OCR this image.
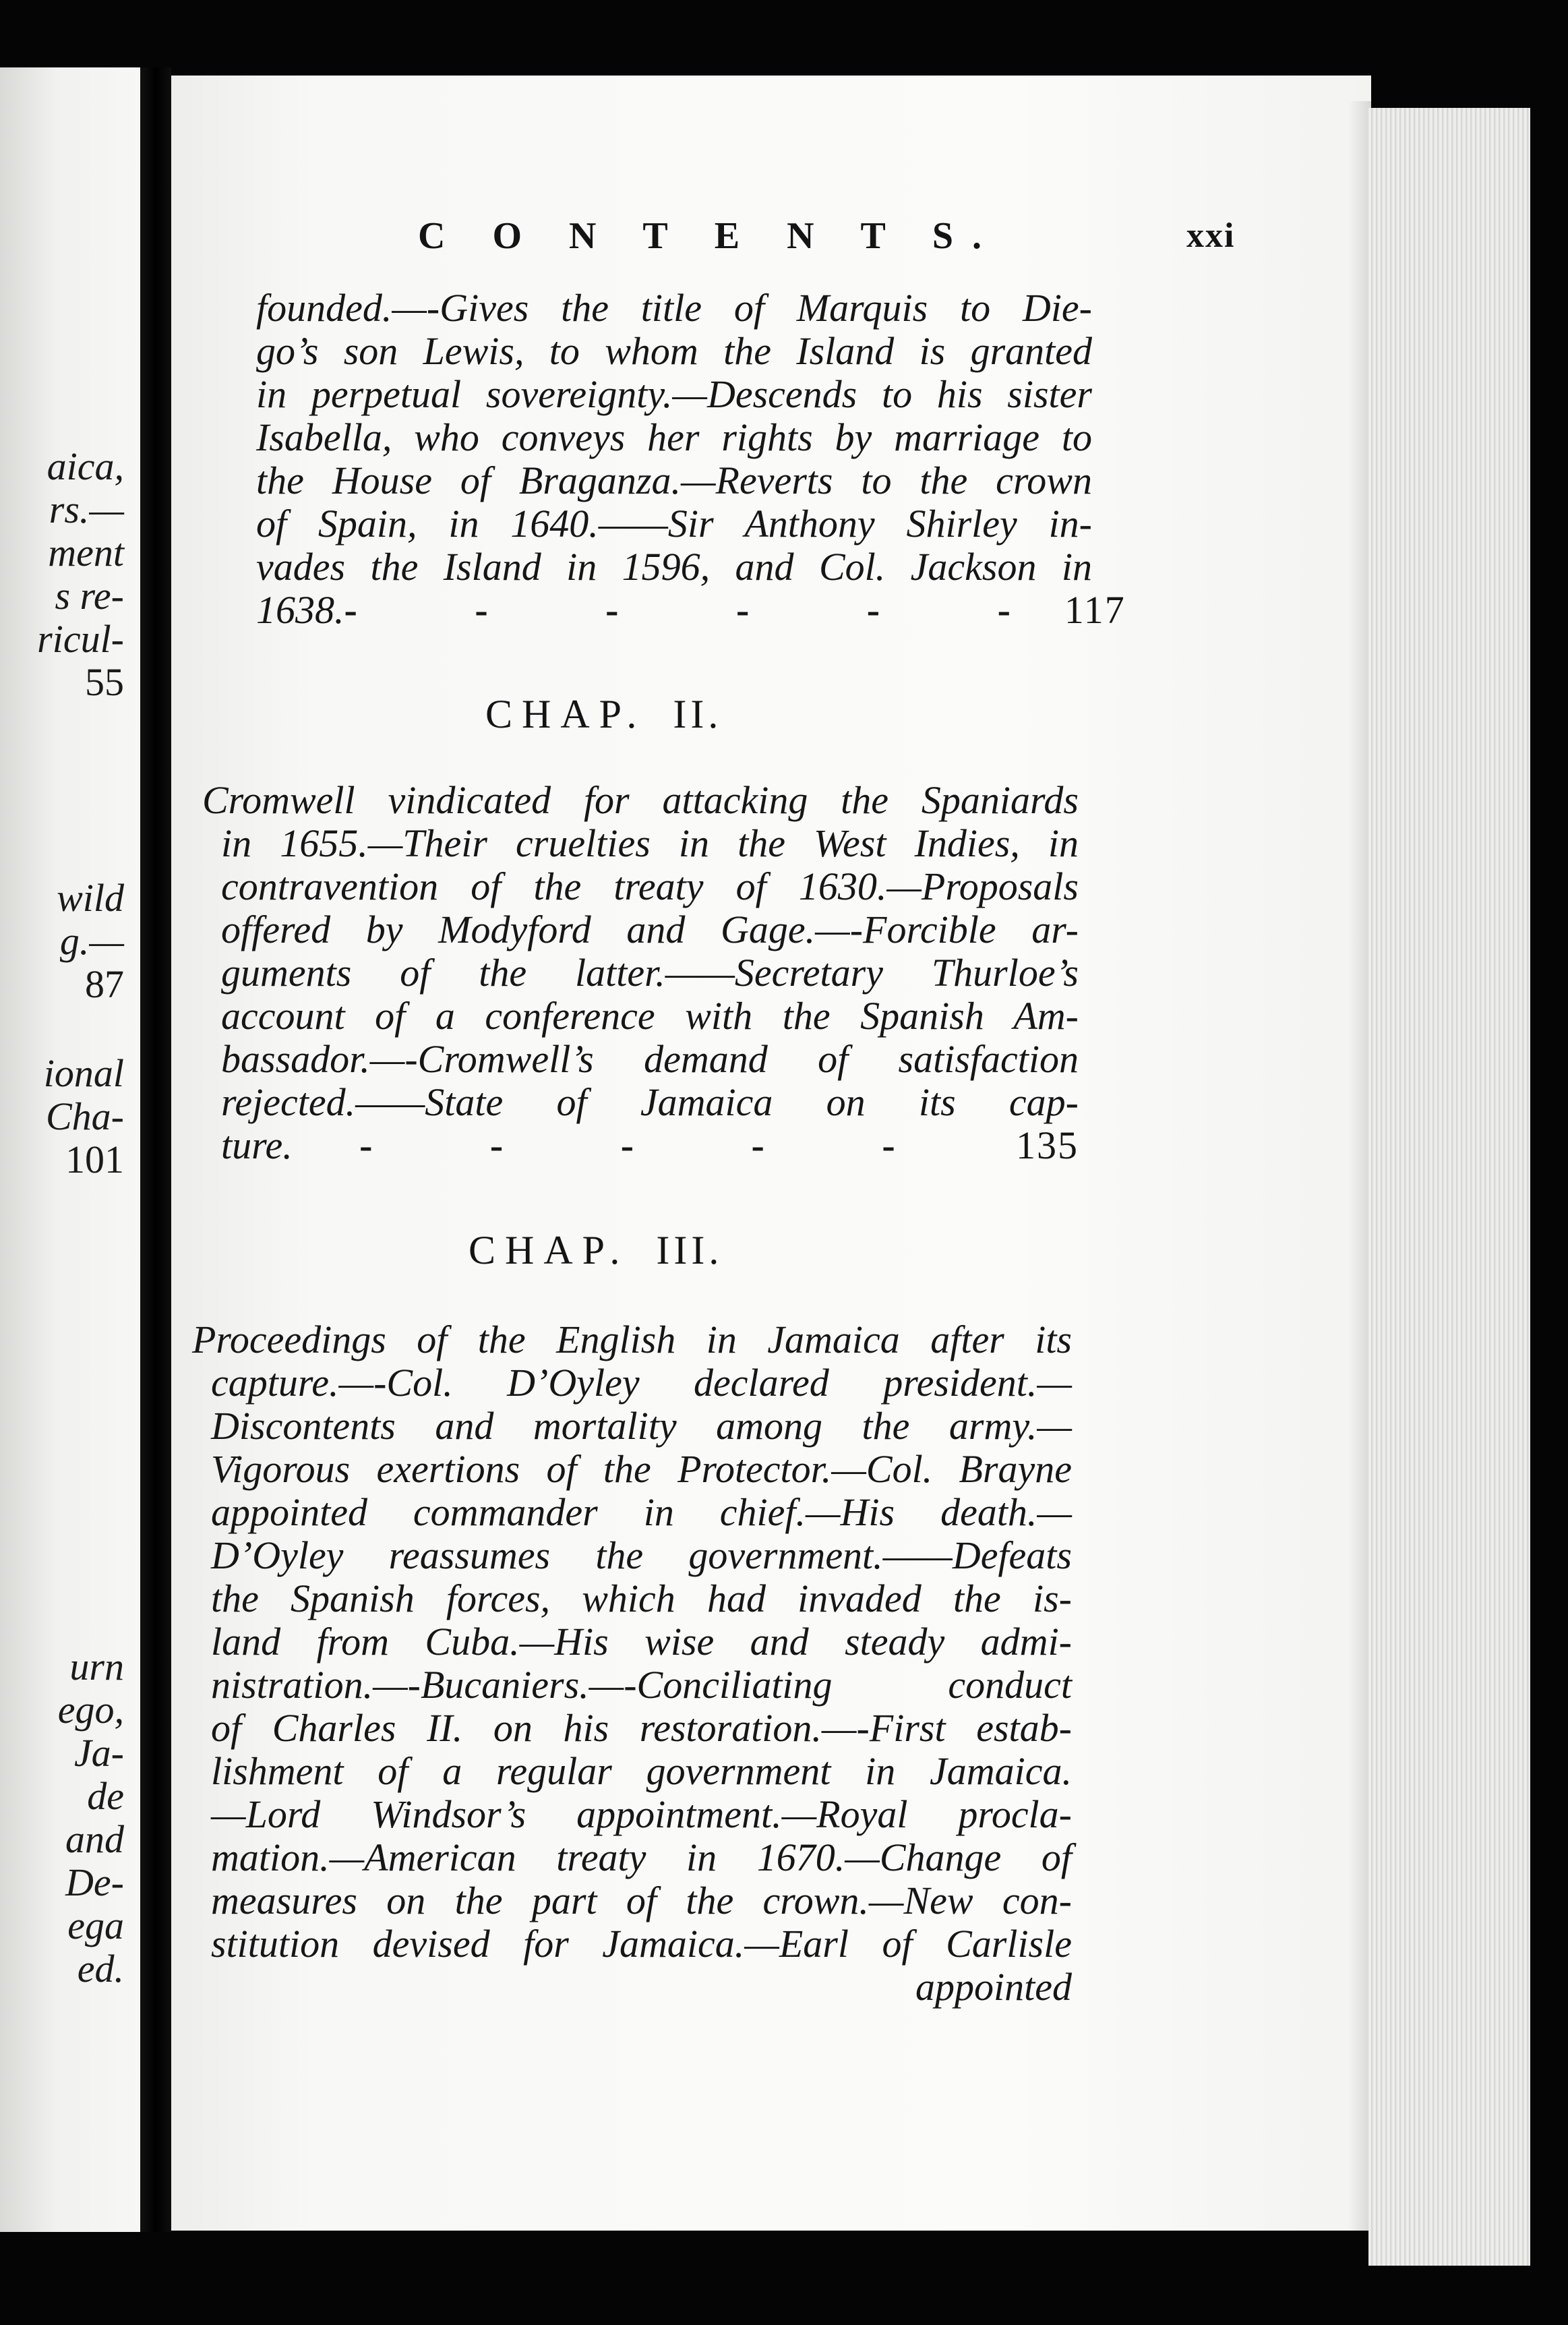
aica,
rs.—
ment
s re-
ricul-
55
wild
g.—
87
ional
Cha-
101
urn
ego,
Ja-
de
and
De-
ega
ed.
C O N T E N T S.	xxi
founded.—-Gives the title of Marquis to Die-
go’s son Lewis, to whom the Island is granted
in perpetual sovereignty.—Descends to his sister
Isabella, who conveys her rights by marriage to
the House of Braganza.—Reverts to the crown
of Spain, in 1640.——Sir Anthony Shirley in-
vades the Island in 1596, and Col. Jackson in
1638. - - - - - - 117
CHAP. II.
Cromwell vindicated for attacking the Spaniards
in 1655.—Their cruelties in the West Indies, in
contravention of the treaty of 1630.—Proposals
offered by Modyford and Gage.—-Forcible ar-
guments of the latter.——Secretary Thurloe’s
account of a conference with the Spanish Am-
bassador.—-Cromwell’s demand of satisfaction
rejected.——State of Jamaica on its cap-
ture. - - - - - 135
CHAP. III.
Proceedings of the English in Jamaica after its
capture.—-Col. D’Oyley declared president.—
Discontents and mortality among the army.—
Vigorous exertions of the Protector.—Col. Brayne
appointed commander in chief.—His death.—
D’Oyley reassumes the government.——Defeats
the Spanish forces, which had invaded the is-
land from Cuba.—His wise and steady admi-
nistration.—-Bucaniers.—-Conciliating conduct
of Charles II. on his restoration.—-First estab-
lishment of a regular government in Jamaica.
—Lord Windsor’s appointment.—Royal procla-
mation.—American treaty in 1670.—Change of
measures on the part of the crown.—New con-
stitution devised for Jamaica.—Earl of Carlisle
appointed
